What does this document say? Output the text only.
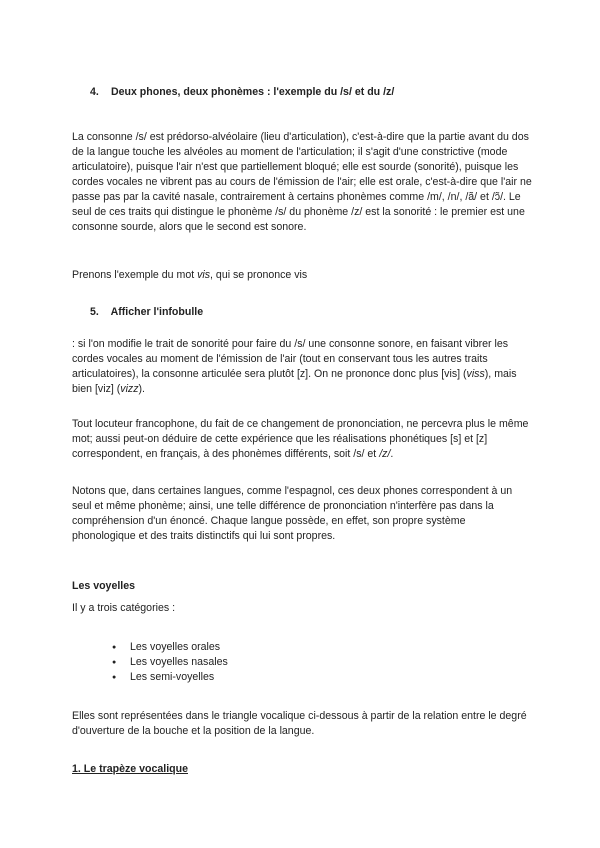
4. Deux phones, deux phonèmes : l'exemple du /s/ et du /z/

La consonne /s/ est prédorso-alvéolaire (lieu d'articulation), c'est-à-dire que la partie avant du dos de la langue touche les alvéoles au moment de l'articulation; il s'agit d'une constrictive (mode articulatoire), puisque l'air n'est que partiellement bloqué; elle est sourde (sonorité), puisque les cordes vocales ne vibrent pas au cours de l'émission de l'air; elle est orale, c'est-à-dire que l'air ne passe pas par la cavité nasale, contrairement à certains phonèmes comme /m/, /n/, /ã/ et /ɔ̃/. Le seul de ces traits qui distingue le phonème /s/ du phonème /z/ est la sonorité : le premier est une consonne sourde, alors que le second est sonore.

Prenons l'exemple du mot vis, qui se prononce vis
5. Afficher l'infobulle
: si l'on modifie le trait de sonorité pour faire du /s/ une consonne sonore, en faisant vibrer les cordes vocales au moment de l'émission de l'air (tout en conservant tous les autres traits articulatoires), la consonne articulée sera plutôt [z]. On ne prononce donc plus [vis] (viss), mais bien [viz] (vizz).
Tout locuteur francophone, du fait de ce changement de prononciation, ne percevra plus le même mot; aussi peut-on déduire de cette expérience que les réalisations phonétiques [s] et [z] correspondent, en français, à des phonèmes différents, soit /s/ et /z/.

Notons que, dans certaines langues, comme l'espagnol, ces deux phones correspondent à un seul et même phonème; ainsi, une telle différence de prononciation n'interfère pas dans la compréhension d'un énoncé. Chaque langue possède, en effet, son propre système phonologique et des traits distinctifs qui lui sont propres.

Les voyelles
Il y a trois catégories :
● Les voyelles orales
● Les voyelles nasales
● Les semi-voyelles

Elles sont représentées dans le triangle vocalique ci-dessous à partir de la relation entre le degré d'ouverture de la bouche et la position de la langue.

1. Le trapèze vocalique
